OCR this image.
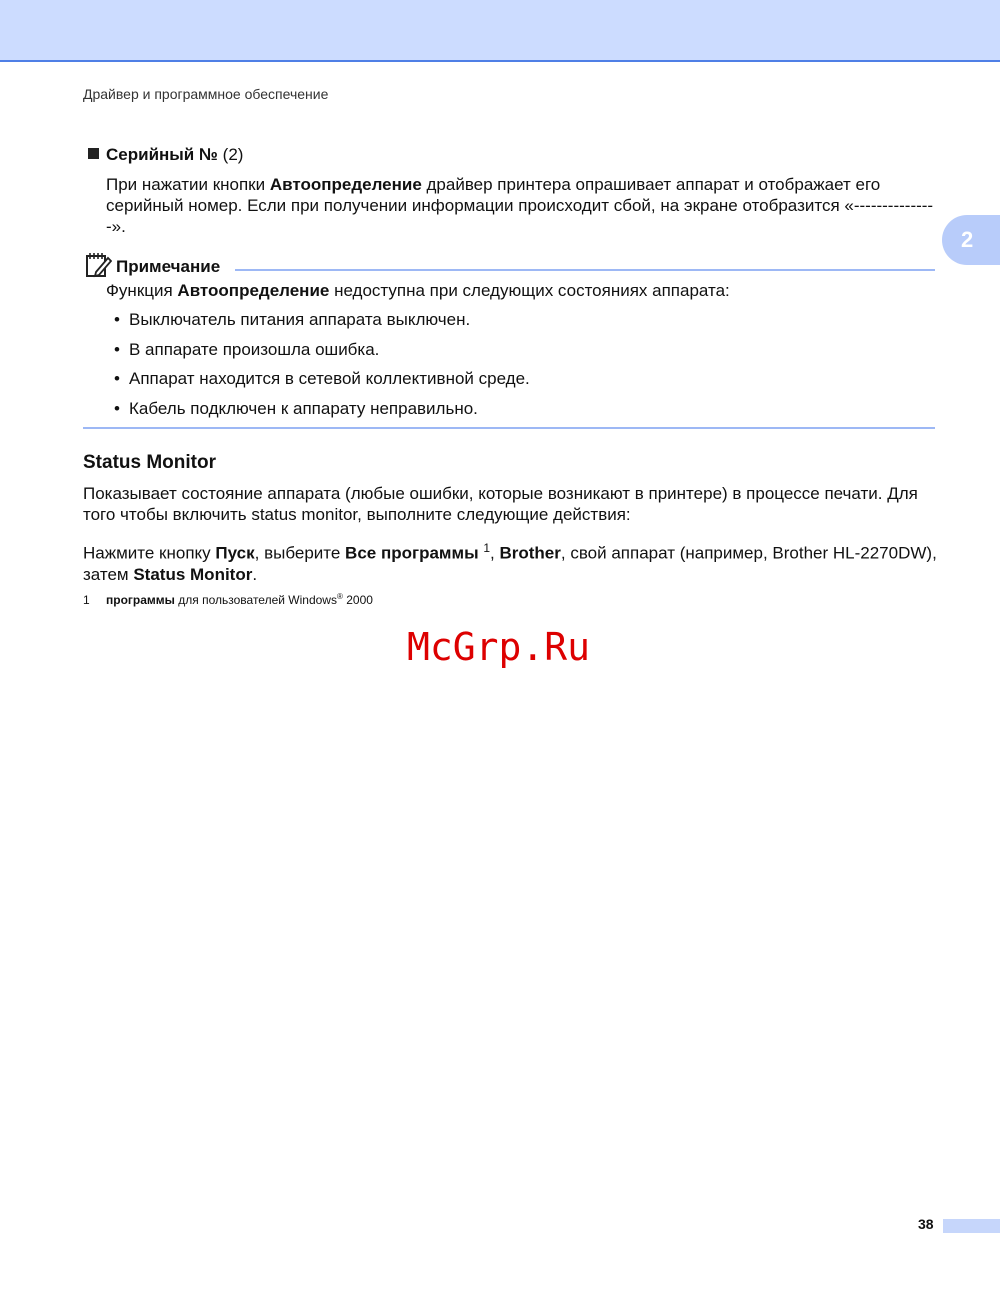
Драйвер и программное обеспечение
2
Серийный № (2)
При нажатии кнопки Автоопределение драйвер принтера опрашивает аппарат и отображает его серийный номер. Если при получении информации происходит сбой, на экране отобразится «---------------».
Примечание
Функция Автоопределение недоступна при следующих состояниях аппарата:
• Выключатель питания аппарата выключен.
• В аппарате произошла ошибка.
• Аппарат находится в сетевой коллективной среде.
• Кабель подключен к аппарату неправильно.
Status Monitor
Показывает состояние аппарата (любые ошибки, которые возникают в принтере) в процессе печати. Для того чтобы включить status monitor, выполните следующие действия:
Нажмите кнопку Пуск, выберите Все программы $^1$, Brother, свой аппарат (например, Brother HL-2270DW), затем Status Monitor.
1 программы для пользователей Windows® 2000
McGrp.Ru
38
